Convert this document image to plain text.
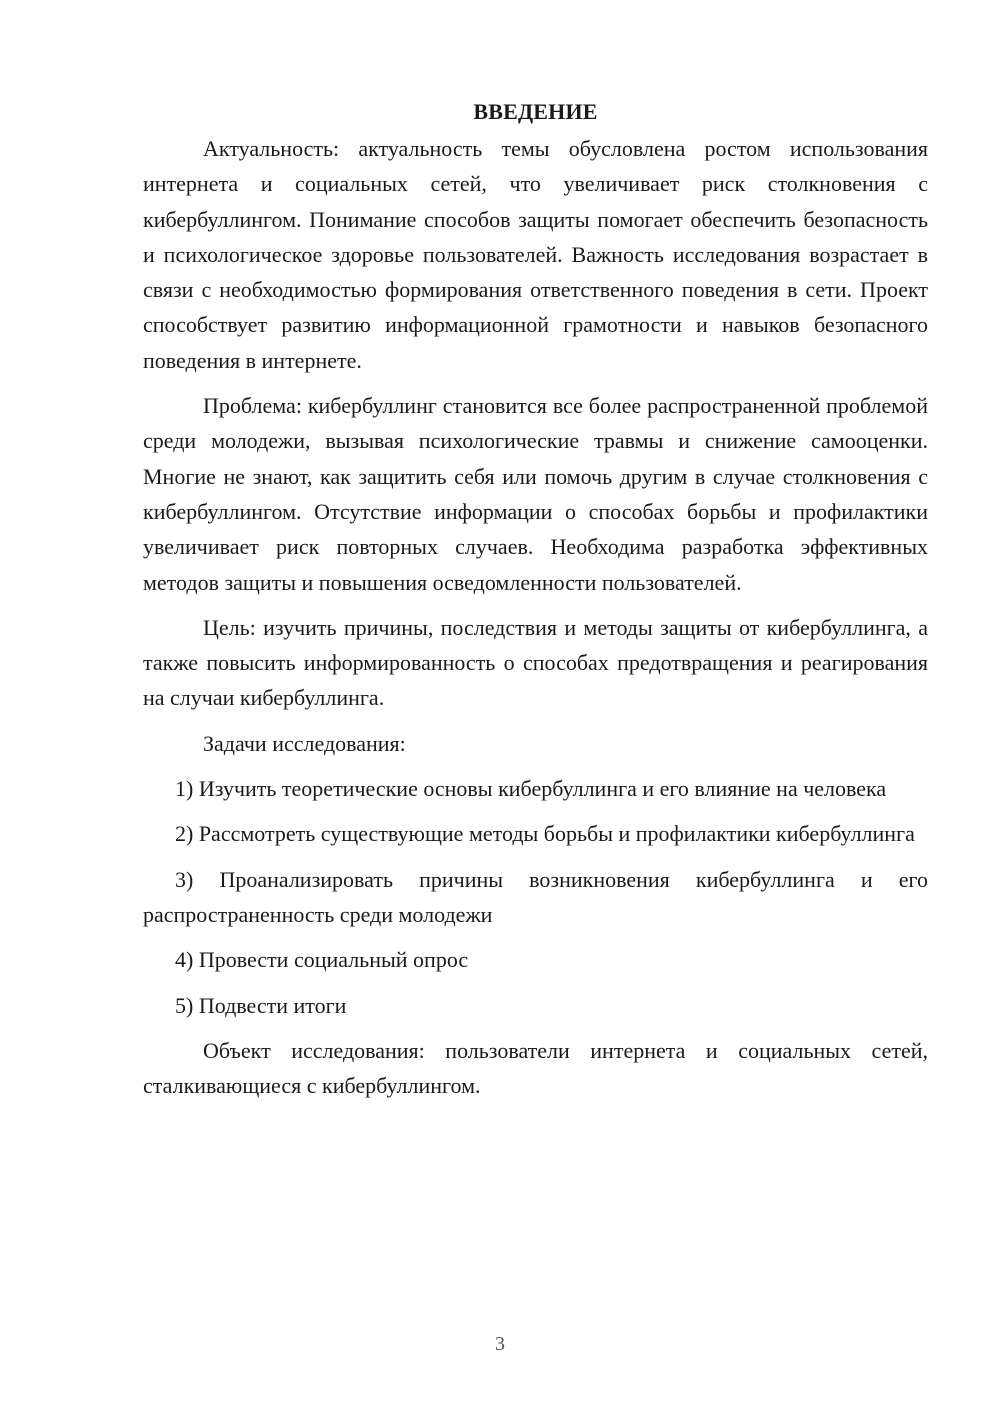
ВВЕДЕНИЕ

Актуальность: актуальность темы обусловлена ростом использования интернета и социальных сетей, что увеличивает риск столкновения с кибербуллингом. Понимание способов защиты помогает обеспечить безопасность и психологическое здоровье пользователей. Важность исследования возрастает в связи с необходимостью формирования ответственного поведения в сети. Проект способствует развитию информационной грамотности и навыков безопасного поведения в интернете.

Проблема: кибербуллинг становится все более распространенной проблемой среди молодежи, вызывая психологические травмы и снижение самооценки. Многие не знают, как защитить себя или помочь другим в случае столкновения с кибербуллингом. Отсутствие информации о способах борьбы и профилактики увеличивает риск повторных случаев. Необходима разработка эффективных методов защиты и повышения осведомленности пользователей.

Цель: изучить причины, последствия и методы защиты от кибербуллинга, а также повысить информированность о способах предотвращения и реагирования на случаи кибербуллинга.

Задачи исследования:

1) Изучить теоретические основы кибербуллинга и его влияние на человека

2) Рассмотреть существующие методы борьбы и профилактики кибербуллинга

3) Проанализировать причины возникновения кибербуллинга и его распространенность среди молодежи

4) Провести социальный опрос

5) Подвести итоги

Объект исследования: пользователи интернета и социальных сетей, сталкивающиеся с кибербуллингом.

3
